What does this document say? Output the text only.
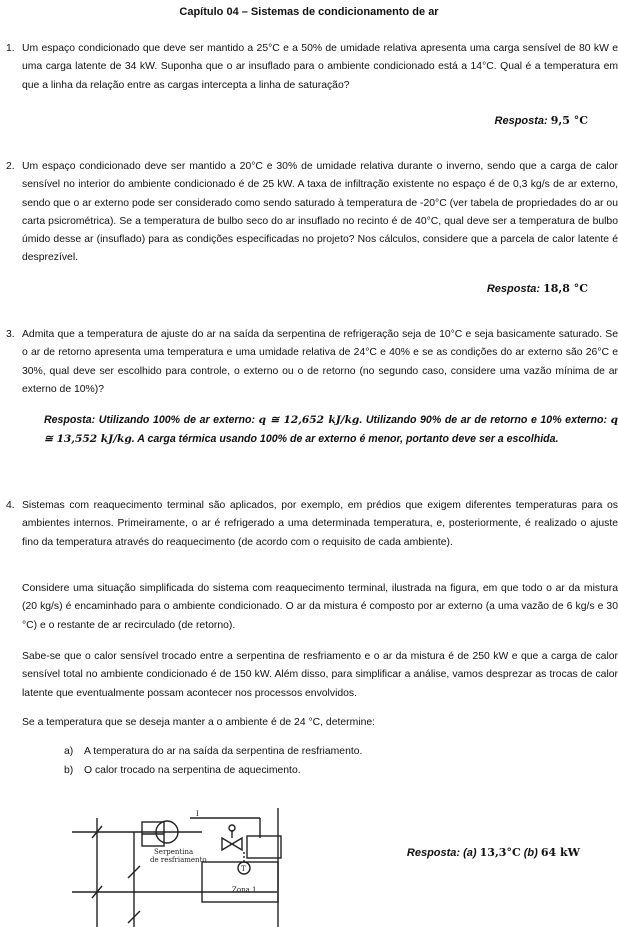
Capítulo 04 – Sistemas de condicionamento de ar
1. Um espaço condicionado que deve ser mantido a 25°C e a 50% de umidade relativa apresenta uma carga sensível de 80 kW e uma carga latente de 34 kW. Suponha que o ar insuflado para o ambiente condicionado está a 14°C. Qual é a temperatura em que a linha da relação entre as cargas intercepta a linha de saturação?

Resposta: 9,5 °C
2. Um espaço condicionado deve ser mantido a 20°C e 30% de umidade relativa durante o inverno, sendo que a carga de calor sensível no interior do ambiente condicionado é de 25 kW. A taxa de infiltração existente no espaço é de 0,3 kg/s de ar externo, sendo que o ar externo pode ser considerado como sendo saturado à temperatura de -20°C (ver tabela de propriedades do ar ou carta psicrométrica). Se a temperatura de bulbo seco do ar insuflado no recinto é de 40°C, qual deve ser a temperatura de bulbo úmido desse ar (insuflado) para as condições especificadas no projeto? Nos cálculos, considere que a parcela de calor latente é desprezível.

Resposta: 18,8 °C
3. Admita que a temperatura de ajuste do ar na saída da serpentina de refrigeração seja de 10°C e seja basicamente saturado. Se o ar de retorno apresenta uma temperatura e uma umidade relativa de 24°C e 40% e se as condições do ar externo são 26°C e 30%, qual deve ser escolhido para controle, o externo ou o de retorno (no segundo caso, considere uma vazão mínima de ar externo de 10%)?

Resposta: Utilizando 100% de ar externo: q ≅ 12,652 kJ/kg. Utilizando 90% de ar de retorno e 10% externo: q ≅ 13,552 kJ/kg. A carga térmica usando 100% de ar externo é menor, portanto deve ser a escolhida.
4. Sistemas com reaquecimento terminal são aplicados, por exemplo, em prédios que exigem diferentes temperaturas para os ambientes internos. Primeiramente, o ar é refrigerado a uma determinada temperatura, e, posteriormente, é realizado o ajuste fino da temperatura através do reaquecimento (de acordo com o requisito de cada ambiente).

Considere uma situação simplificada do sistema com reaquecimento terminal, ilustrada na figura, em que todo o ar da mistura (20 kg/s) é encaminhado para o ambiente condicionado. O ar da mistura é composto por ar externo (a uma vazão de 6 kg/s e 30 °C) e o restante de ar recirculado (de retorno).

Sabe-se que o calor sensível trocado entre a serpentina de resfriamento e o ar da mistura é de 250 kW e que a carga de calor sensível total no ambiente condicionado é de 150 kW. Além disso, para simplificar a análise, vamos desprezar as trocas de calor latente que eventualmente possam acontecer nos processos envolvidos.

Se a temperatura que se deseja manter a o ambiente é de 24 °C, determine:

a) A temperatura do ar na saída da serpentina de resfriamento.
b) O calor trocado na serpentina de aquecimento.
Serpentina
de resfriamento
T
Zona 1
I
Resposta: (a) 13,3°C (b) 64 kW
